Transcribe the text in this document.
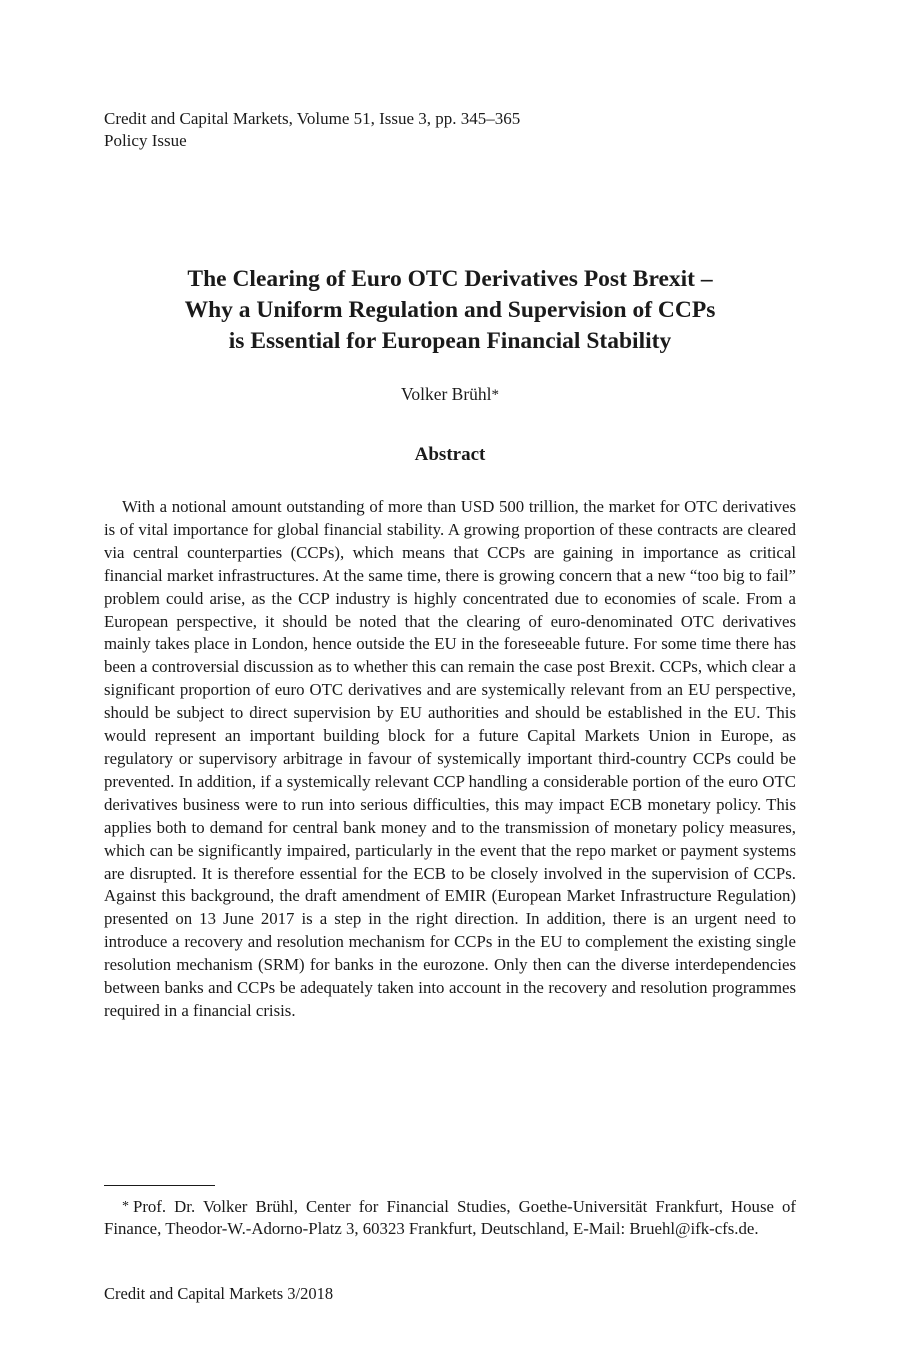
Credit and Capital Markets, Volume 51, Issue 3, pp. 345–365
Policy Issue
The Clearing of Euro OTC Derivatives Post Brexit –
Why a Uniform Regulation and Supervision of CCPs
is Essential for European Financial Stability
Volker Brühl*
Abstract

With a notional amount outstanding of more than USD 500 trillion, the market for OTC derivatives is of vital importance for global financial stability. A growing proportion of these contracts are cleared via central counterparties (CCPs), which means that CCPs are gaining in importance as critical financial market infrastructures. At the same time, there is growing concern that a new “too big to fail” problem could arise, as the CCP industry is highly concentrated due to economies of scale. From a European perspective, it should be noted that the clearing of euro-denominated OTC derivatives mainly takes place in London, hence outside the EU in the foreseeable future. For some time there has been a controversial discussion as to whether this can remain the case post Brexit. CCPs, which clear a significant proportion of euro OTC derivatives and are systemically relevant from an EU perspective, should be subject to direct supervision by EU authorities and should be established in the EU. This would represent an important building block for a future Capital Markets Union in Europe, as regulatory or supervisory arbitrage in favour of systemically important third-country CCPs could be prevented. In addition, if a systemically relevant CCP handling a considerable portion of the euro OTC derivatives business were to run into serious difficulties, this may impact ECB monetary policy. This applies both to demand for central bank money and to the transmission of monetary policy measures, which can be significantly impaired, particularly in the event that the repo market or payment systems are disrupted. It is therefore essential for the ECB to be closely involved in the supervision of CCPs. Against this background, the draft amendment of EMIR (European Market Infrastructure Regulation) presented on 13 June 2017 is a step in the right direction. In addition, there is an urgent need to introduce a recovery and resolution mechanism for CCPs in the EU to complement the existing single resolution mechanism (SRM) for banks in the eurozone. Only then can the diverse interdependencies between banks and CCPs be adequately taken into account in the recovery and resolution programmes required in a financial crisis.

* Prof. Dr. Volker Brühl, Center for Financial Studies, Goethe-Universität Frankfurt, House of Finance, Theodor-W.-Adorno-Platz 3, 60323 Frankfurt, Deutschland, E-Mail: Bruehl@ifk-cfs.de.

Credit and Capital Markets 3/2018
